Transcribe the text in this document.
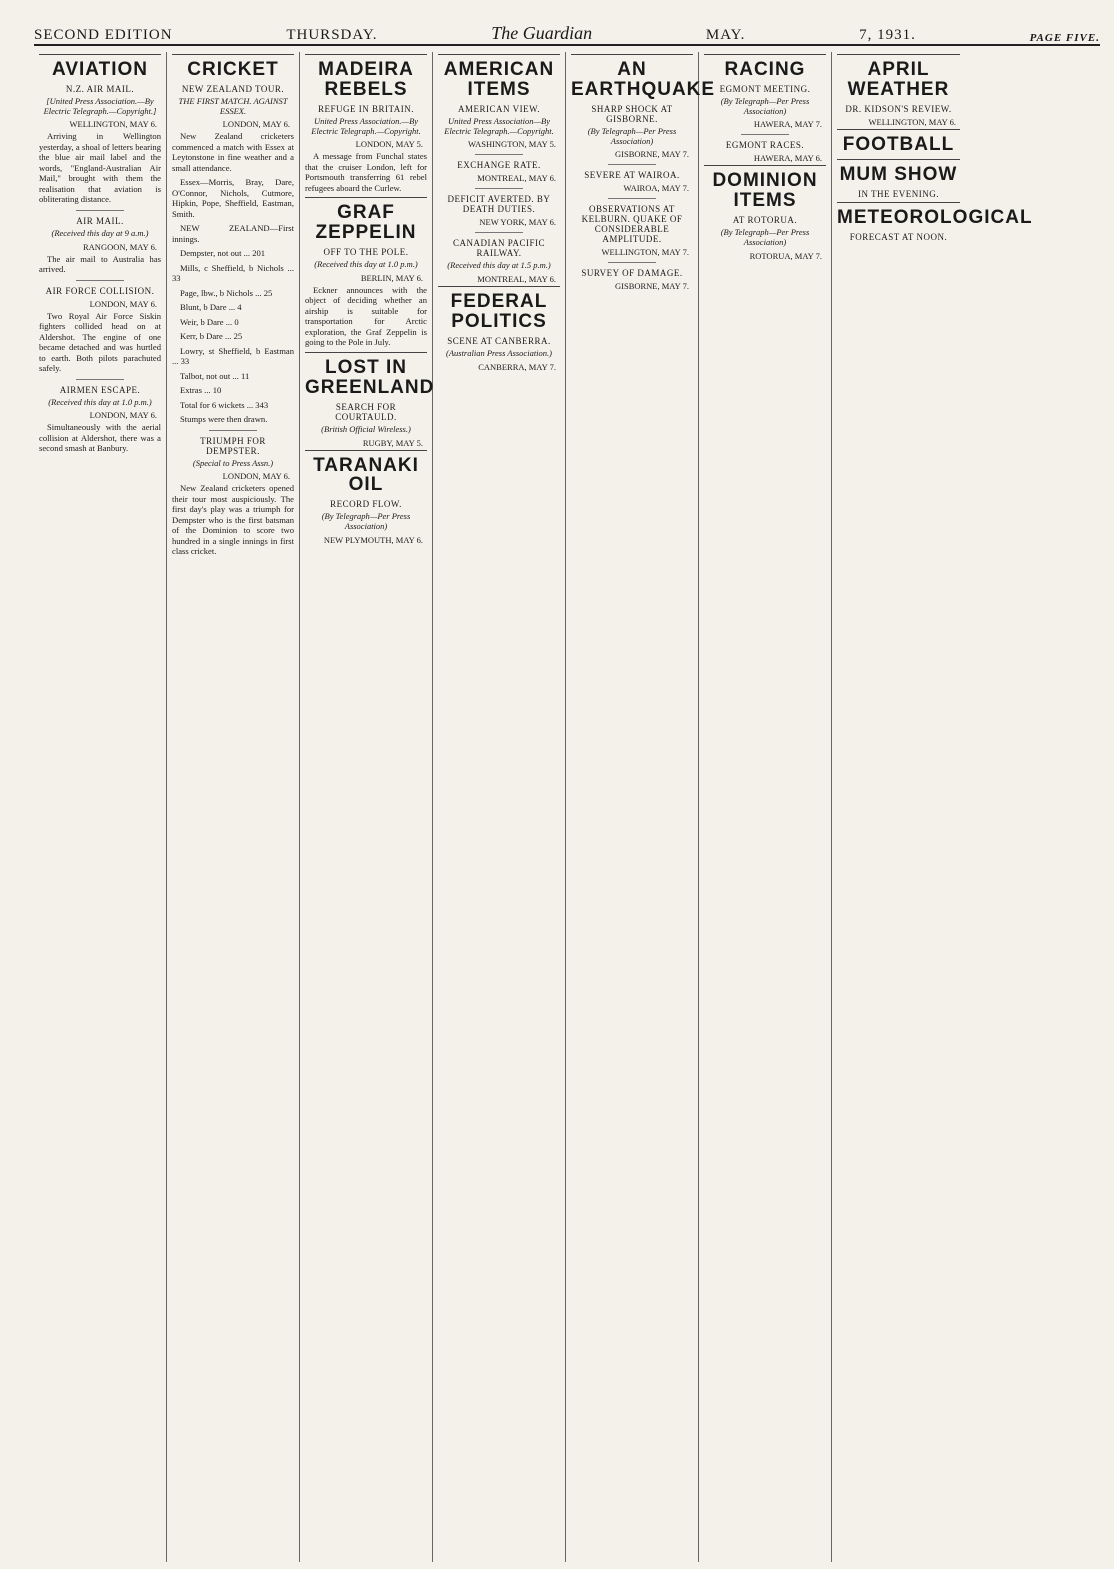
SECOND EDITION	THURSDAY.	The Guardian	MAY.	7, 1931.	PAGE FIVE.
AVIATION
N.Z. AIR MAIL.
[United Press Association.—By Electric Telegraph.—Copyright.]
WELLINGTON, MAY 6.
Arriving in Wellington yesterday, a shoal of letters bearing the blue air mail label and the words, "England-Australian Air Mail," brought with them the realisation that aviation is obliterating distance.
AIR MAIL.
(Received this day at 9 a.m.)
RANGOON, MAY 6.
The air mail to Australia has arrived.
AIR FORCE COLLISION.
LONDON, MAY 6.
Two Royal Air Force Siskin fighters collided head on at Aldershot. The engine of one became detached and was hurtled to earth. Both pilots parachuted safely.
AIRMEN ESCAPE.
(Received this day at 1.0 p.m.)
LONDON, MAY 6.
Simultaneously with the aerial collision at Aldershot, there was a second smash at Banbury.
CRICKET
NEW ZEALAND TOUR.
THE FIRST MATCH. AGAINST ESSEX.
LONDON, MAY 6.
New Zealand cricketers commenced a match with Essex at Leytonstone in fine weather and a small attendance.
Essex—Morris, Bray, Dare, O'Connor, Nichols, Cutmore, Hipkin, Pope, Sheffield, Eastman, Smith.
NEW ZEALAND—First innings.
Dempster, not out ... 201
Mills, c Sheffield, b Nichols ... 33
Page, lbw., b Nichols ... 25
Blunt, b Dare ... 4
Weir, b Dare ... 0
Kerr, b Dare ... 25
Lowry, st Sheffield, b Eastman ... 33
Talbot, not out ... 11
Extras ... 10
Total for 6 wickets ... 343
Stumps were then drawn.
TRIUMPH FOR DEMPSTER.
(Special to Press Assn.)
LONDON, MAY 6.
New Zealand cricketers opened their tour most auspiciously. The first day's play was a triumph for Dempster who is the first batsman of the Dominion to score two hundred in a single innings in first class cricket.
MADEIRA REBELS
REFUGE IN BRITAIN.
United Press Association.—By Electric Telegraph.—Copyright.
LONDON, MAY 5.
A message from Funchal states that the cruiser London, left for Portsmouth transferring 61 rebel refugees aboard the Curlew.
GRAF ZEPPELIN
OFF TO THE POLE.
(Received this day at 1.0 p.m.)
BERLIN, MAY 6.
Eckner announces with the object of deciding whether an airship is suitable for transportation for Arctic exploration, the Graf Zeppelin is going to the Pole in July.
LOST IN GREENLAND
SEARCH FOR COURTAULD.
(British Official Wireless.)
RUGBY, MAY 5.
TARANAKI OIL
RECORD FLOW.
(By Telegraph—Per Press Association)
NEW PLYMOUTH, MAY 6.
AMERICAN ITEMS
AMERICAN VIEW.
United Press Association—By Electric Telegraph.—Copyright.
WASHINGTON, MAY 5.
EXCHANGE RATE.
MONTREAL, MAY 6.
DEFICIT AVERTED. BY DEATH DUTIES.
NEW YORK, MAY 6.
CANADIAN PACIFIC RAILWAY.
(Received this day at 1.5 p.m.)
MONTREAL, MAY 6.
FEDERAL POLITICS
SCENE AT CANBERRA.
(Australian Press Association.)
CANBERRA, MAY 7.
AN EARTHQUAKE
SHARP SHOCK AT GISBORNE.
(By Telegraph—Per Press Association)
GISBORNE, MAY 7.
SEVERE AT WAIROA.
WAIROA, MAY 7.
OBSERVATIONS AT KELBURN. QUAKE OF CONSIDERABLE AMPLITUDE.
WELLINGTON, MAY 7.
SURVEY OF DAMAGE.
GISBORNE, MAY 7.
RACING
EGMONT MEETING.
(By Telegraph—Per Press Association)
HAWERA, MAY 7.
EGMONT RACES.
HAWERA, MAY 6.
DOMINION ITEMS
AT ROTORUA.
(By Telegraph—Per Press Association)
ROTORUA, MAY 7.
APRIL WEATHER
DR. KIDSON'S REVIEW.
WELLINGTON, MAY 6.
FOOTBALL
MUM SHOW
IN THE EVENING.
METEOROLOGICAL
FORECAST AT NOON.
